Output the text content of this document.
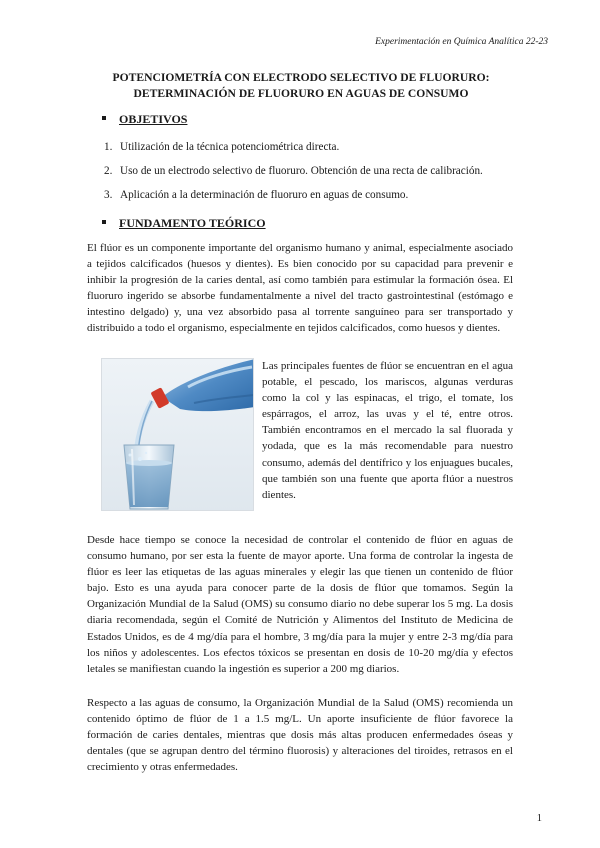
Experimentación en Química Analítica 22-23
POTENCIOMETRÍA CON ELECTRODO SELECTIVO DE FLUORURO:
DETERMINACIÓN DE FLUORURO EN AGUAS DE CONSUMO
OBJETIVOS
1. Utilización de la técnica potenciométrica directa.
2. Uso de un electrodo selectivo de fluoruro. Obtención de una recta de calibración.
3. Aplicación a la determinación de fluoruro en aguas de consumo.
FUNDAMENTO TEÓRICO

El flúor es un componente importante del organismo humano y animal, especialmente asociado a tejidos calcificados (huesos y dientes). Es bien conocido por su capacidad para prevenir e inhibir la progresión de la caries dental, así como también para estimular la formación ósea. El fluoruro ingerido se absorbe fundamentalmente a nivel del tracto gastrointestinal (estómago e intestino delgado) y, una vez absorbido pasa al torrente sanguíneo para ser transportado y distribuido a todo el organismo, especialmente en tejidos calcificados, como huesos y dientes.

Las principales fuentes de flúor se encuentran en el agua potable, el pescado, los mariscos, algunas verduras como la col y las espinacas, el trigo, el tomate, los espárragos, el arroz, las uvas y el té, entre otros. También encontramos en el mercado la sal fluorada y yodada, que es la más recomendable para nuestro consumo, además del dentífrico y los enjuagues bucales, que también son una fuente que aporta flúor a nuestros dientes.

Desde hace tiempo se conoce la necesidad de controlar el contenido de flúor en aguas de consumo humano, por ser esta la fuente de mayor aporte. Una forma de controlar la ingesta de flúor es leer las etiquetas de las aguas minerales y elegir las que tienen un contenido de flúor bajo. Esto es una ayuda para conocer parte de la dosis de flúor que tomamos. Según la Organización Mundial de la Salud (OMS) su consumo diario no debe superar los 5 mg. La dosis diaria recomendada, según el Comité de Nutrición y Alimentos del Instituto de Medicina de Estados Unidos, es de 4 mg/día para el hombre, 3 mg/día para la mujer y entre 2-3 mg/día para los niños y adolescentes. Los efectos tóxicos se presentan en dosis de 10-20 mg/día y efectos letales se manifiestan cuando la ingestión es superior a 200 mg diarios.

Respecto a las aguas de consumo, la Organización Mundial de la Salud (OMS) recomienda un contenido óptimo de flúor de 1 a 1.5 mg/L. Un aporte insuficiente de flúor favorece la formación de caries dentales, mientras que dosis más altas producen enfermedades óseas y dentales (que se agrupan dentro del término fluorosis) y alteraciones del tiroides, retrasos en el crecimiento y otras enfermedades.

1
